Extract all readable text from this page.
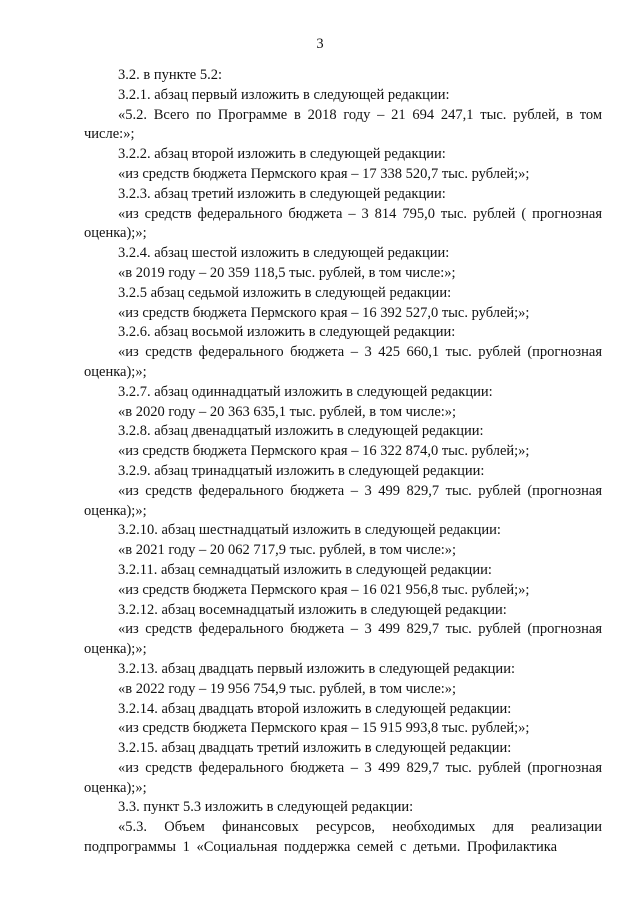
3

3.2. в пункте 5.2:

3.2.1. абзац первый изложить в следующей редакции:

«5.2. Всего по Программе в 2018 году – 21 694 247,1 тыс. рублей, в том числе:»;

3.2.2. абзац второй изложить в следующей редакции:

«из средств бюджета Пермского края – 17 338 520,7 тыс. рублей;»;

3.2.3. абзац третий изложить в следующей редакции:

«из средств федерального бюджета – 3 814 795,0 тыс. рублей ( прогнозная оценка);»;

3.2.4. абзац шестой изложить в следующей редакции:

«в 2019 году – 20 359 118,5 тыс. рублей, в том числе:»;

3.2.5 абзац седьмой изложить в следующей редакции:

«из средств бюджета Пермского края – 16 392 527,0 тыс. рублей;»;

3.2.6. абзац восьмой изложить в следующей редакции:

«из средств федерального бюджета – 3 425 660,1 тыс. рублей (прогнозная оценка);»;

3.2.7. абзац одиннадцатый изложить в следующей редакции:

«в 2020 году – 20 363 635,1 тыс. рублей, в том числе:»;

3.2.8. абзац двенадцатый изложить в следующей редакции:

«из средств бюджета Пермского края – 16 322 874,0 тыс. рублей;»;

3.2.9. абзац тринадцатый изложить в следующей редакции:

«из средств федерального бюджета – 3 499 829,7 тыс. рублей (прогнозная оценка);»;

3.2.10. абзац шестнадцатый изложить в следующей редакции:

«в 2021 году – 20 062 717,9 тыс. рублей, в том числе:»;

3.2.11. абзац семнадцатый изложить в следующей редакции:

«из средств бюджета Пермского края – 16 021 956,8 тыс. рублей;»;

3.2.12. абзац восемнадцатый изложить в следующей редакции:

«из средств федерального бюджета – 3 499 829,7 тыс. рублей (прогнозная оценка);»;

3.2.13. абзац двадцать первый изложить в следующей редакции:

«в 2022 году – 19 956 754,9 тыс. рублей, в том числе:»;

3.2.14. абзац двадцать второй изложить в следующей редакции:

«из средств бюджета Пермского края – 15 915 993,8 тыс. рублей;»;

3.2.15. абзац двадцать третий изложить в следующей редакции:

«из средств федерального бюджета – 3 499 829,7 тыс. рублей (прогнозная оценка);»;

3.3. пункт 5.3 изложить в следующей редакции:

«5.3. Объем финансовых ресурсов, необходимых для реализации подпрограммы 1 «Социальная поддержка семей с детьми. Профилактика
